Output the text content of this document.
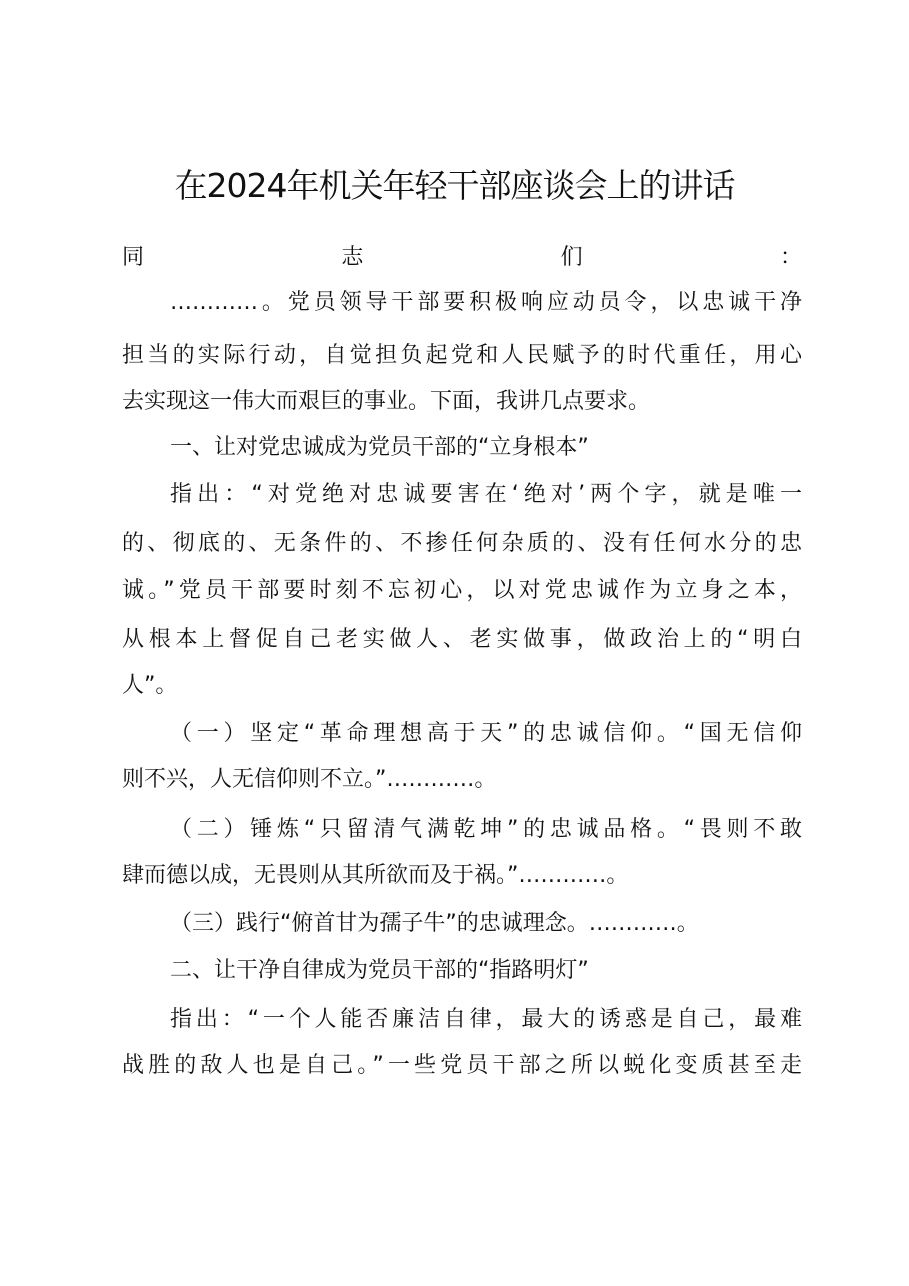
在2024年机关年轻干部座谈会上的讲话
同志们：
…………。党员领导干部要积极响应动员令，以忠诚干净
担当的实际行动，自觉担负起党和人民赋予的时代重任，用心
去实现这一伟大而艰巨的事业。下面，我讲几点要求。
一、让对党忠诚成为党员干部的“立身根本”
指出：“对党绝对忠诚要害在‘绝对’两个字，就是唯一
的、彻底的、无条件的、不掺任何杂质的、没有任何水分的忠
诚。”党员干部要时刻不忘初心，以对党忠诚作为立身之本，
从根本上督促自己老实做人、老实做事，做政治上的“明白
人”。
（一）坚定“革命理想高于天”的忠诚信仰。“国无信仰
则不兴，人无信仰则不立。”…………。
（二）锤炼“只留清气满乾坤”的忠诚品格。“畏则不敢
肆而德以成，无畏则从其所欲而及于祸。”…………。
（三）践行“俯首甘为孺子牛”的忠诚理念。…………。
二、让干净自律成为党员干部的“指路明灯”
指出：“一个人能否廉洁自律，最大的诱惑是自己，最难
战胜的敌人也是自己。”一些党员干部之所以蜕化变质甚至走
